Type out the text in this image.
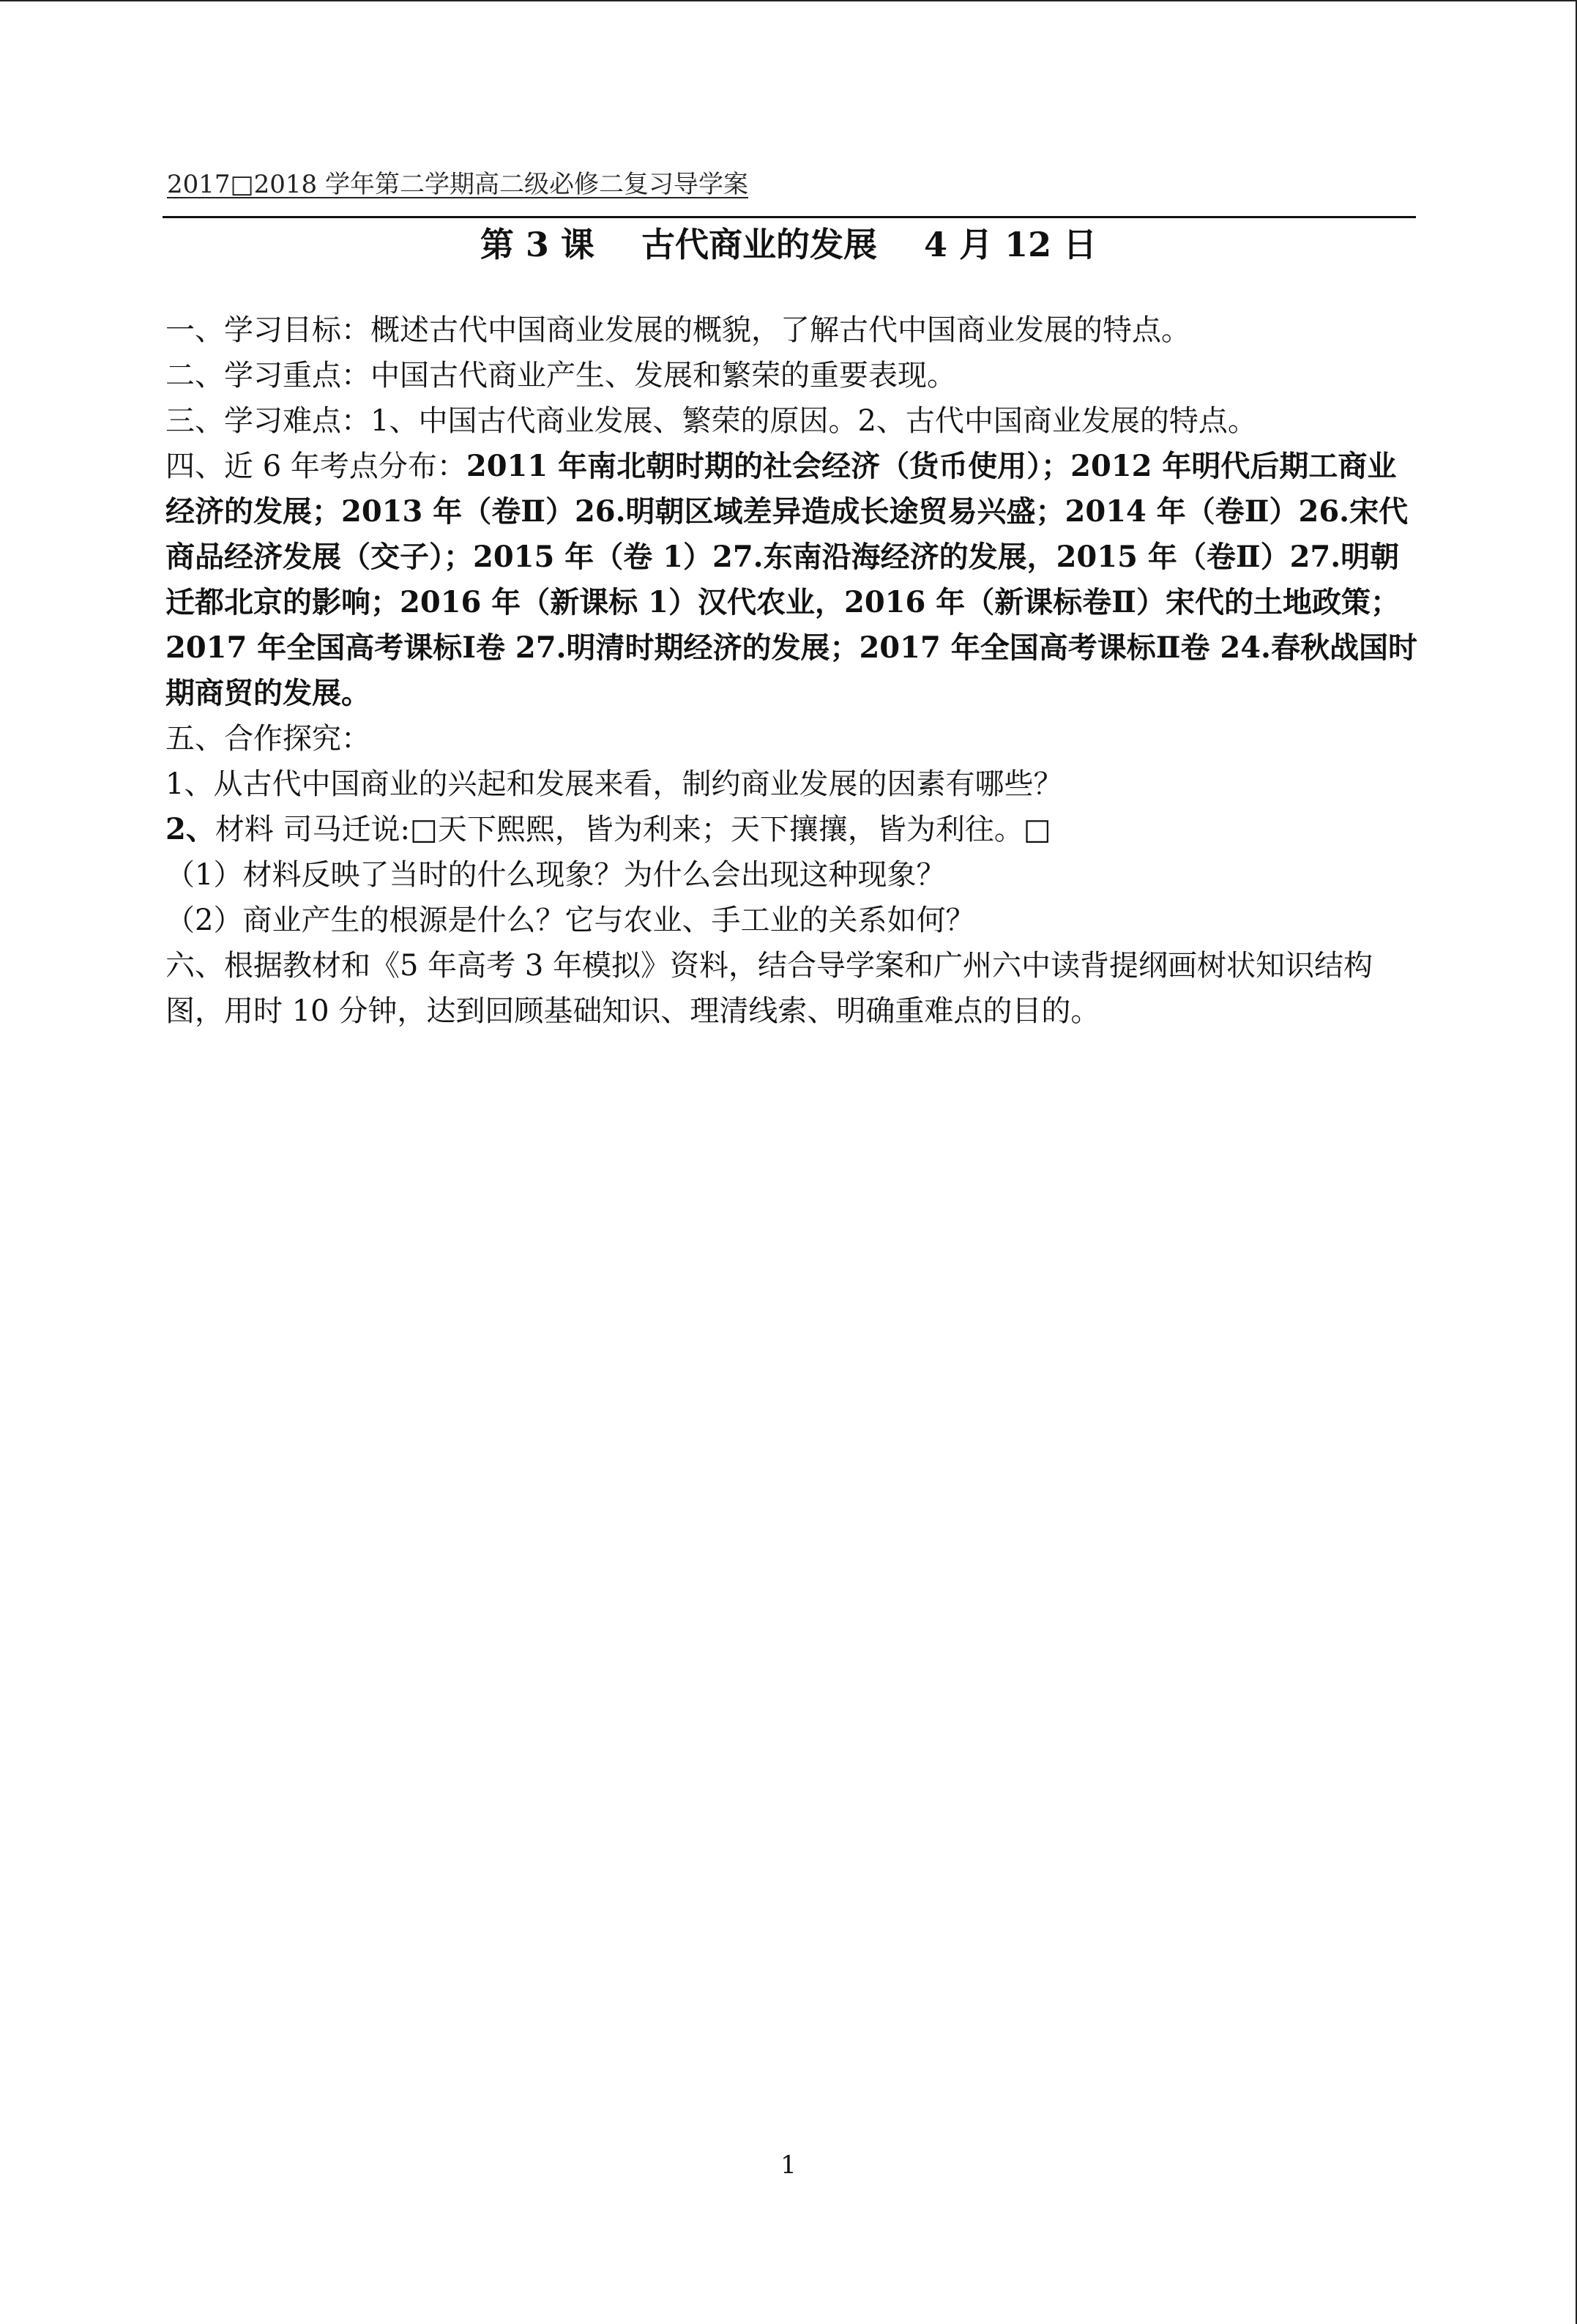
2017□2018 学年第二学期高二级必修二复习导学案
第 3 课    古代商业的发展    4 月 12 日

一、学习目标：概述古代中国商业发展的概貌，了解古代中国商业发展的特点。

二、学习重点：中国古代商业产生、发展和繁荣的重要表现。

三、学习难点：1、中国古代商业发展、繁荣的原因。2、古代中国商业发展的特点。

四、近 6 年考点分布：2011 年南北朝时期的社会经济（货币使用）；2012 年明代后期工商业经济的发展；2013 年（卷Ⅱ）26.明朝区域差异造成长途贸易兴盛；2014 年（卷Ⅱ）26.宋代商品经济发展（交子）；2015 年（卷 1）27.东南沿海经济的发展，2015 年（卷Ⅱ）27.明朝迁都北京的影响；2016 年（新课标 1）汉代农业，2016 年（新课标卷Ⅱ）宋代的土地政策；

2017 年全国高考课标Ⅰ卷 27.明清时期经济的发展；2017 年全国高考课标Ⅱ卷 24.春秋战国时期商贸的发展。

五、合作探究：

1、从古代中国商业的兴起和发展来看，制约商业发展的因素有哪些？

2、材料 司马迁说:□天下熙熙，皆为利来；天下攘攘，皆为利往。□

（1）材料反映了当时的什么现象？为什么会出现这种现象？

（2）商业产生的根源是什么？它与农业、手工业的关系如何？

六、根据教材和《5 年高考 3 年模拟》资料，结合导学案和广州六中读背提纲画树状知识结构图，用时 10 分钟，达到回顾基础知识、理清线索、明确重难点的目的。

1
